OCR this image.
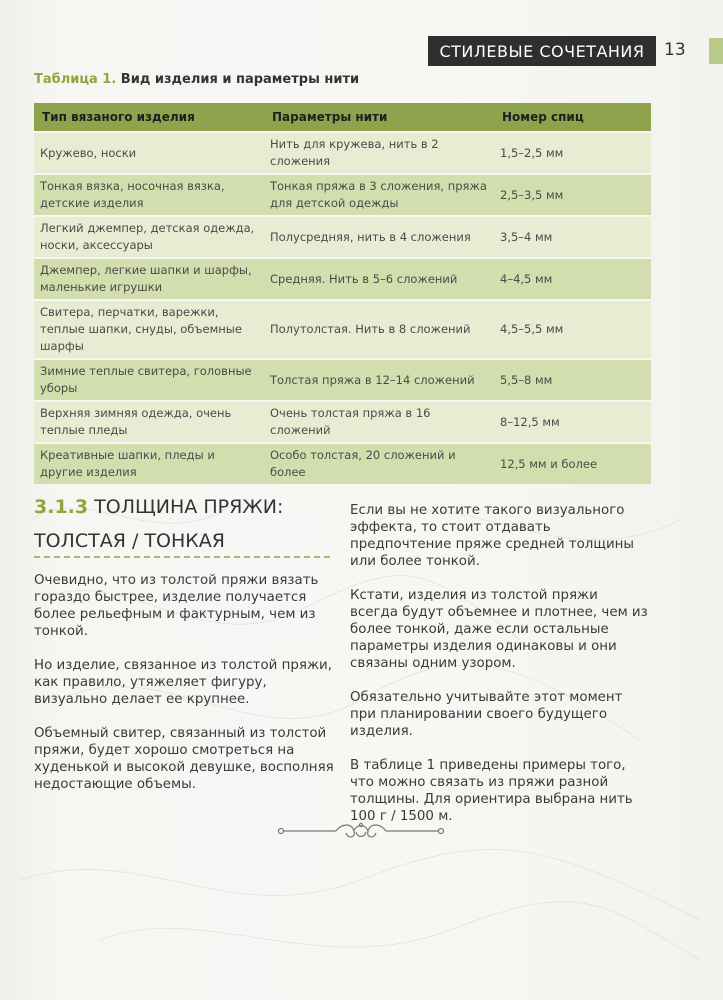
СТИЛЕВЫЕ СОЧЕТАНИЯ 13
Таблица 1. Вид изделия и параметры нити
Тип вязаного изделия	Параметры нити	Номер спиц
Кружево, носки	Нить для кружева, нить в 2 сложения	1,5–2,5 мм
Тонкая вязка, носочная вязка, детские изделия	Тонкая пряжа в 3 сложения, пряжа для детской одежды	2,5–3,5 мм
Легкий джемпер, детская одежда, носки, аксессуары	Полусредняя, нить в 4 сложения	3,5–4 мм
Джемпер, легкие шапки и шарфы, маленькие игрушки	Средняя. Нить в 5–6 сложений	4–4,5 мм
Свитера, перчатки, варежки, теплые шапки, снуды, объемные шарфы	Полутолстая. Нить в 8 сложений	4,5–5,5 мм
Зимние теплые свитера, головные уборы	Толстая пряжа в 12–14 сложений	5,5–8 мм
Верхняя зимняя одежда, очень теплые пледы	Очень толстая пряжа в 16 сложений	8–12,5 мм
Креативные шапки, пледы и другие изделия	Особо толстая, 20 сложений и более	12,5 мм и более
3.1.3 ТОЛЩИНА ПРЯЖИ:
ТОЛСТАЯ / ТОНКАЯ

Очевидно, что из толстой пряжи вязать гораздо быстрее, изделие получается более рельефным и фактурным, чем из тонкой.

Но изделие, связанное из толстой пряжи, как правило, утяжеляет фигуру, визуально делает ее крупнее.

Объемный свитер, связанный из толстой пряжи, будет хорошо смотреться на худенькой и высокой девушке, восполняя недостающие объемы.

Если вы не хотите такого визуального эффекта, то стоит отдавать предпочтение пряже средней толщины или более тонкой.

Кстати, изделия из толстой пряжи всегда будут объемнее и плотнее, чем из более тонкой, даже если остальные параметры изделия одинаковы и они связаны одним узором.

Обязательно учитывайте этот момент при планировании своего будущего изделия.

В таблице 1 приведены примеры того, что можно связать из пряжи разной толщины. Для ориентира выбрана нить 100 г / 1500 м.
